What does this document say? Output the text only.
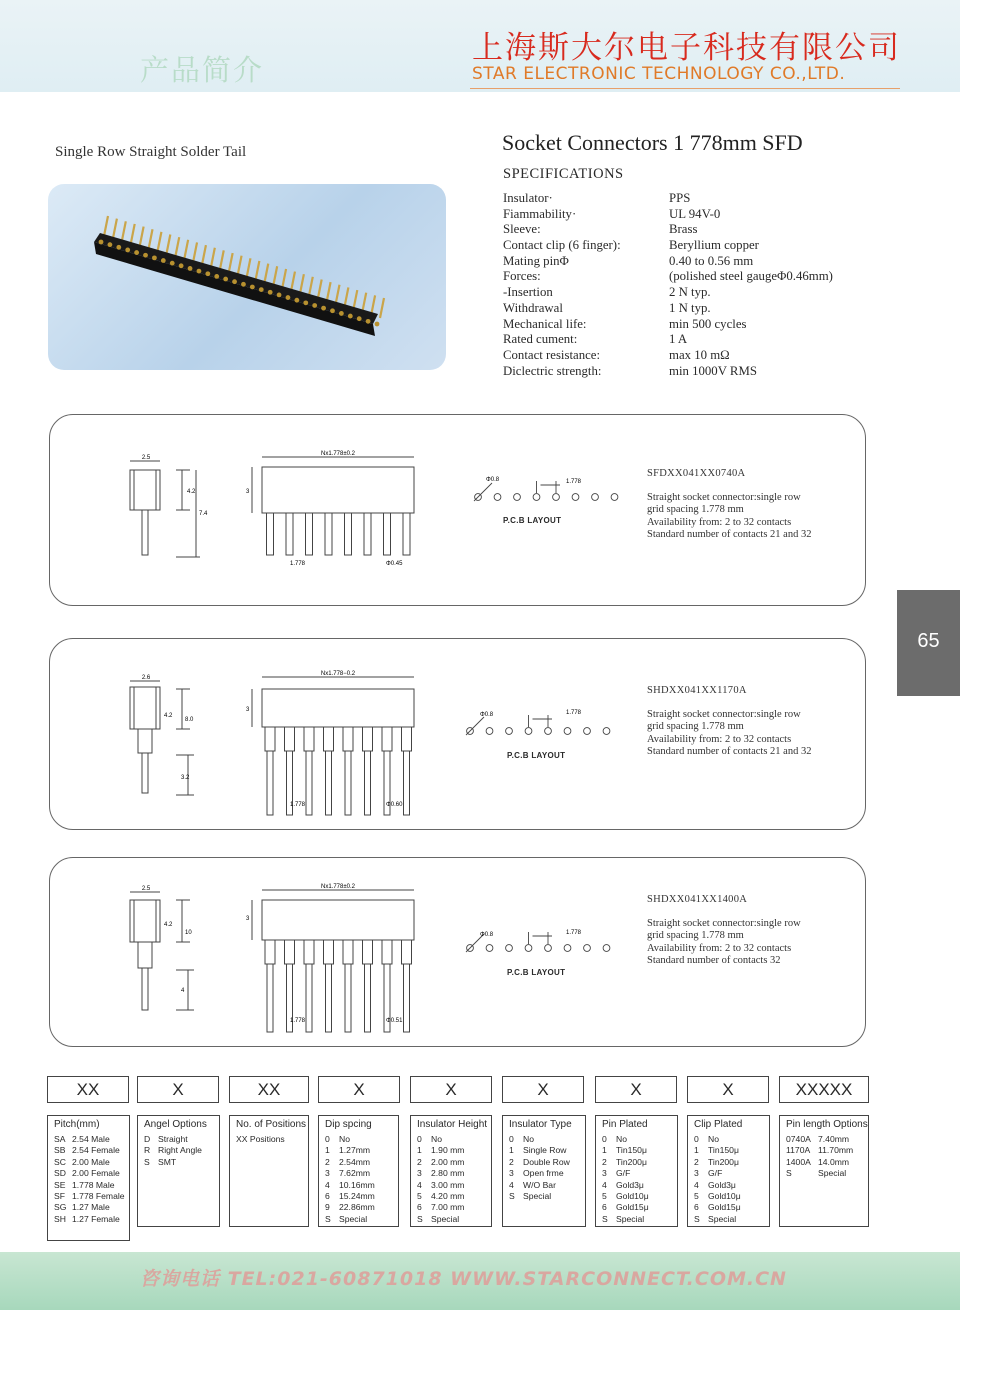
产品简介
上海斯大尔电子科技有限公司
STAR ELECTRONIC TECHNOLOGY CO.,LTD.
Single Row Straight Solder Tail	Socket Connectors 1 778mm SFD
SPECIFICATIONS
Insulator·	PPS
Fiammability·	UL 94V-0
Sleeve:	Brass
Contact clip (6 finger):	Beryllium copper
Mating pinΦ	0.40 to 0.56 mm
Forces:	(polished steel gaugeΦ0.46mm)
-Insertion	2 N typ.
Withdrawal	1 N typ.
Mechanical life:	min 500 cycles
Rated cument:	1 A
Contact resistance:	max 10 mΩ
Diclectric strength:	min 1000V RMS
2.5
Nx1.778±0.2
4.2
7.4
3
1.778	Φ0.45
Φ0.8	1.778
P.C.B LAYOUT
SFDXX041XX0740A
Straight socket connector:single row
grid spacing 1.778 mm
Availability from: 2 to 32 contacts
Standard number of contacts 21 and 32
2.6
Nx1.778−0.2
4.2
8.0
3
3.2
1.778	Φ0.60
Φ0.8	1.778
P.C.B LAYOUT
SHDXX041XX1170A
Straight socket connector:single row
grid spacing 1.778 mm
Availability from: 2 to 32 contacts
Standard number of contacts 21 and 32
2.5	Nx1.778±0.2
4.2
10
3
4
1.778	Φ0.51
Φ0.8	1.778
P.C.B LAYOUT
SHDXX041XX1400A
Straight socket connector:single row
grid spacing 1.778 mm
Availability from: 2 to 32 contacts
Standard number of contacts 32
65
XX	X	XX	X	X	X	X	X	XXXXX
Pitch(mm)
SA 2.54 Male
SB 2.54 Female
SC 2.00 Male
SD 2.00 Female
SE 1.778 Male
SF 1.778 Female
SG 1.27 Male
SH 1.27 Female
Angel Options
D Straight
R Right Angle
S SMT
No. of Positions
XX Positions
Dip spcing
0 No
1 1.27mm
2 2.54mm
3 7.62mm
4 10.16mm
6 15.24mm
9 22.86mm
S Special
Insulator Height
0 No
1 1.90 mm
2 2.00 mm
3 2.80 mm
4 3.00 mm
5 4.20 mm
6 7.00 mm
S Special
Insulator Type
0 No
1 Single Row
2 Double Row
3 Open frme
4 W/O Bar
S Special
Pin Plated
0 No
1 Tin150μ
2 Tin200μ
3 G/F
4 Gold3μ
5 Gold10μ
6 Gold15μ
S Special
Clip Plated
0 No
1 Tin150μ
2 Tin200μ
3 G/F
4 Gold3μ
5 Gold10μ
6 Gold15μ
S Special
Pin length Options
0740A 7.40mm
1170A 11.70mm
1400A 14.0mm
S	Special
咨询电话 TEL:021-60871018 WWW.STARCONNECT.COM.CN
